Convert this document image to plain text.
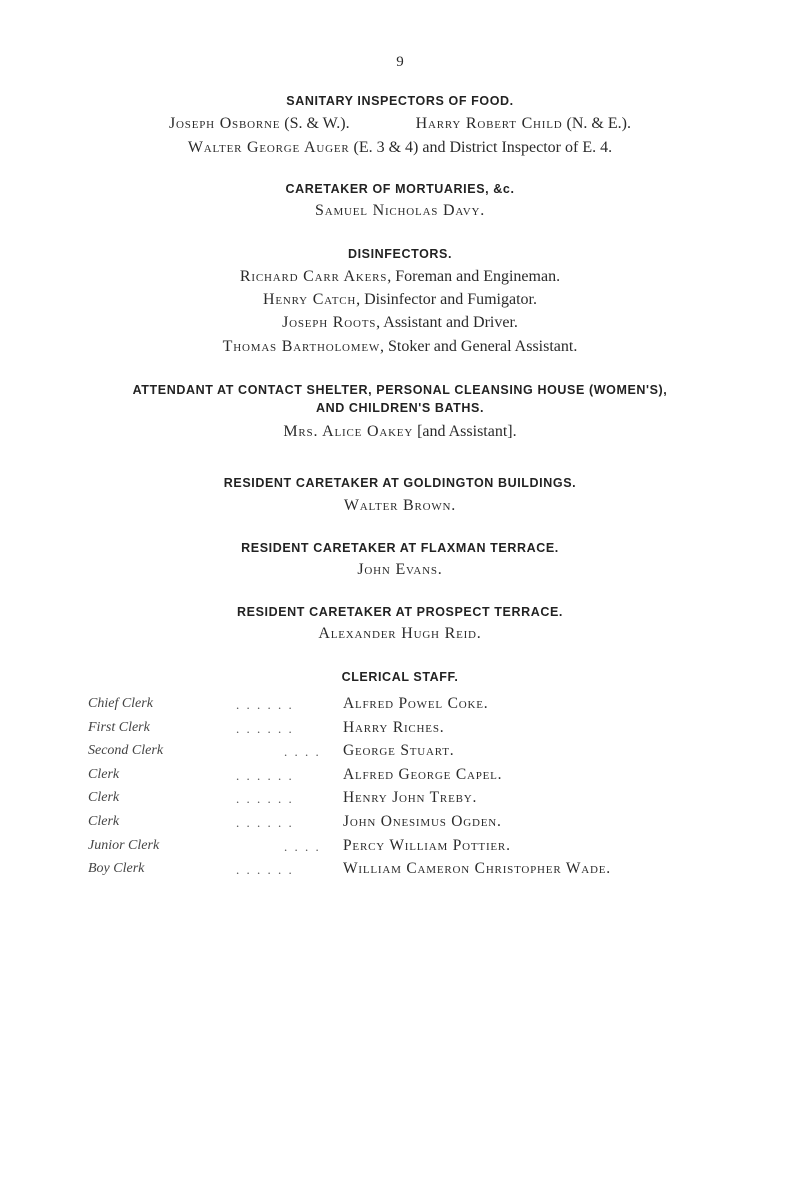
9
SANITARY INSPECTORS OF FOOD.
Joseph Osborne (S. & W.).	Harry Robert Child (N. & E.).
Walter George Auger (E. 3 & 4) and District Inspector of E. 4.
CARETAKER OF MORTUARIES, &c.
Samuel Nicholas Davy.
DISINFECTORS.
Richard Carr Akers, Foreman and Engineman.
Henry Catch, Disinfector and Fumigator.
Joseph Roots, Assistant and Driver.
Thomas Bartholomew, Stoker and General Assistant.
ATTENDANT AT CONTACT SHELTER, PERSONAL CLEANSING HOUSE (WOMEN'S),
AND CHILDREN'S BATHS.
Mrs. Alice Oakey [and Assistant].
RESIDENT CARETAKER AT GOLDINGTON BUILDINGS.
Walter Brown.
RESIDENT CARETAKER AT FLAXMAN TERRACE.
John Evans.
RESIDENT CARETAKER AT PROSPECT TERRACE.
Alexander Hugh Reid.
CLERICAL STAFF.
Chief Clerk	. . . . . .	Alfred Powel Coke.
First Clerk	. . . . . .	Harry Riches.
Second Clerk	. . . . George Stuart.
Clerk	. . . . . .	Alfred George Capel.
Clerk	. . . . . .	Henry John Treby.
Clerk	. . . . . .	John Onesimus Ogden.
Junior Clerk	. . . . Percy William Pottier.
Boy Clerk	. . . . . .	William Cameron Christopher Wade.
